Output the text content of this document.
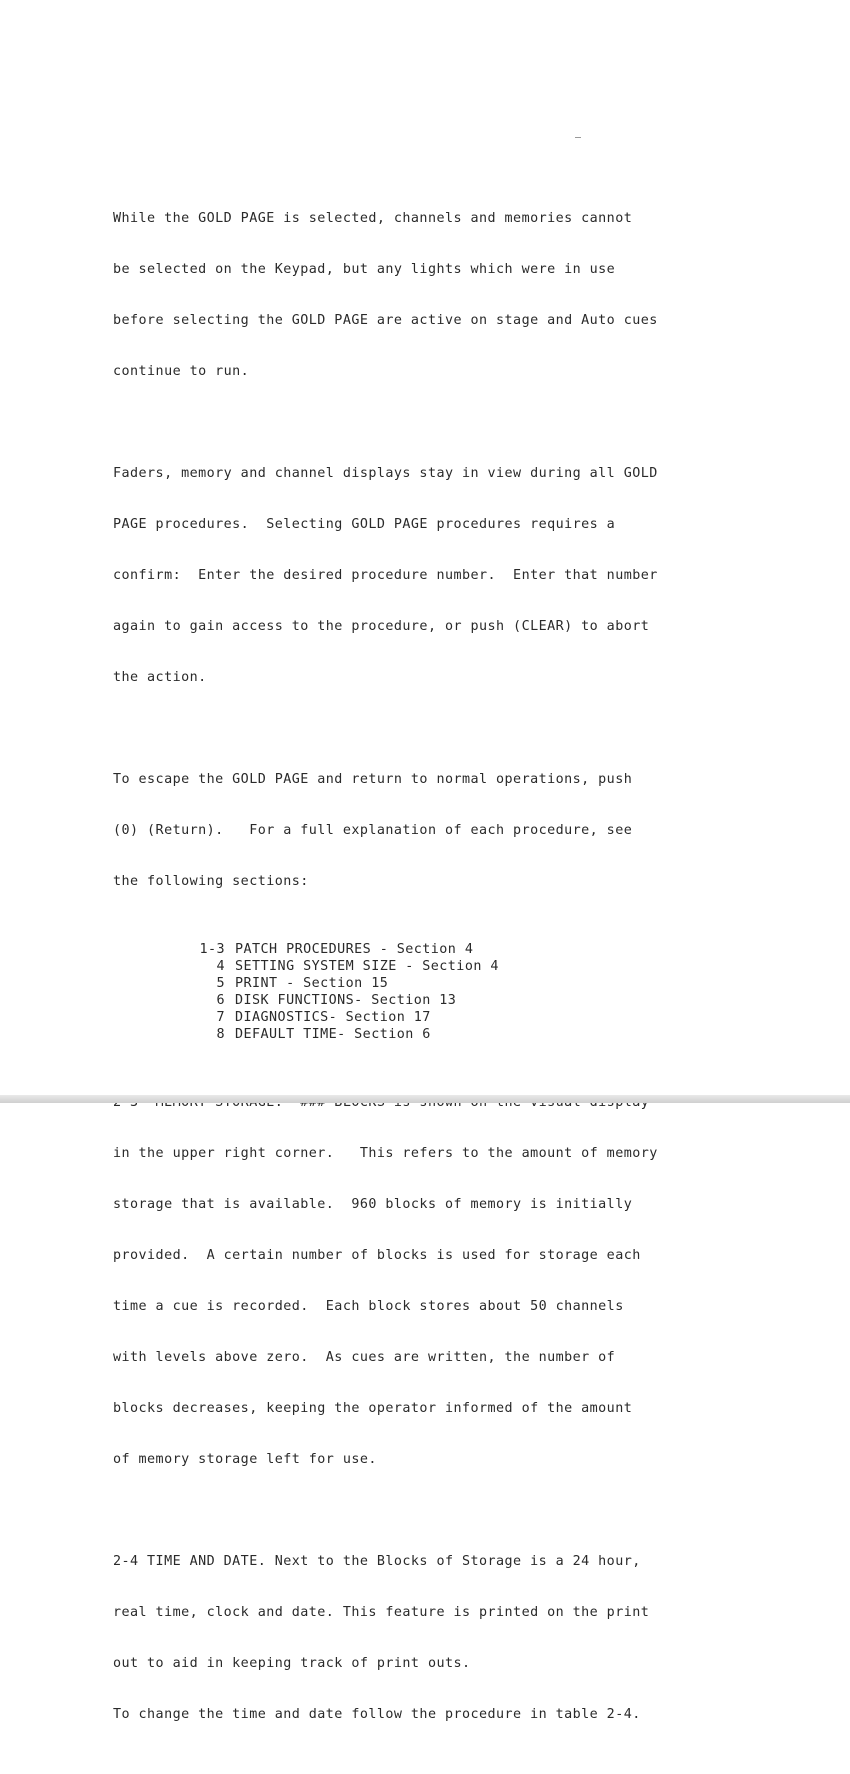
While the GOLD PAGE is selected, channels and memories cannot

be selected on the Keypad, but any lights which were in use

before selecting the GOLD PAGE are active on stage and Auto cues

continue to run.

Faders, memory and channel displays stay in view during all GOLD

PAGE procedures.  Selecting GOLD PAGE procedures requires a

confirm:  Enter the desired procedure number.  Enter that number

again to gain access to the procedure, or push (CLEAR) to abort

the action.

To escape the GOLD PAGE and return to normal operations, push

(0) (Return).   For a full explanation of each procedure, see

the following sections:

1-3 PATCH PROCEDURES - Section 4
4 SETTING SYSTEM SIZE - Section 4
5 PRINT - Section 15
6 DISK FUNCTIONS- Section 13
7 DIAGNOSTICS- Section 17
8 DEFAULT TIME- Section 6

in the upper right corner.   This refers to the amount of memory

storage that is available.  960 blocks of memory is initially

provided.  A certain number of blocks is used for storage each

time a cue is recorded.  Each block stores about 50 channels

with levels above zero.  As cues are written, the number of

blocks decreases, keeping the operator informed of the amount

of memory storage left for use.

2-4 TIME AND DATE. Next to the Blocks of Storage is a 24 hour,

real time, clock and date. This feature is printed on the print

out to aid in keeping track of print outs.

To change the time and date follow the procedure in table 2-4.
